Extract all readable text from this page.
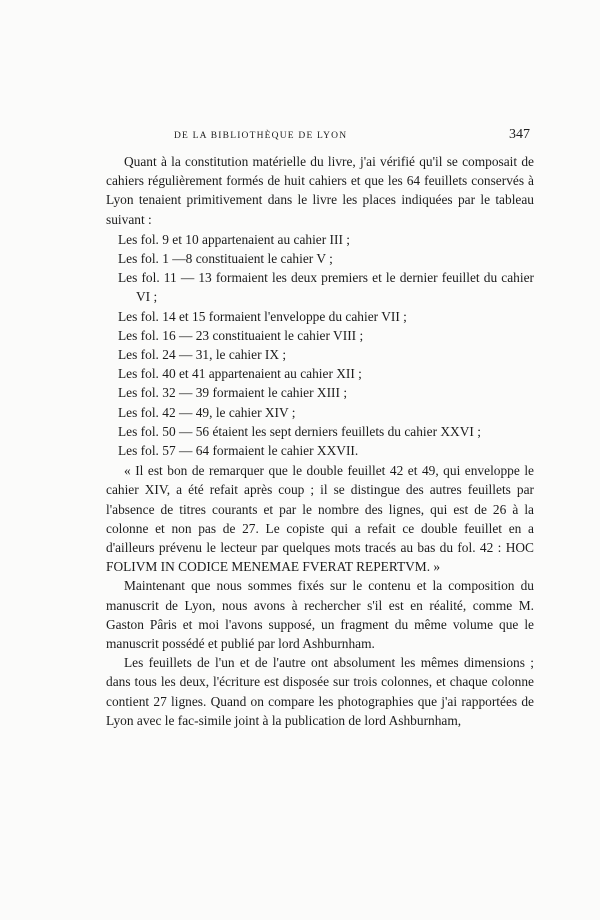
DE LA BIBLIOTHÈQUE DE LYON	347

Quant à la constitution matérielle du livre, j'ai vérifié qu'il se composait de cahiers régulièrement formés de huit cahiers et que les 64 feuillets conservés à Lyon tenaient primitivement dans le livre les places indiquées par le tableau suivant :

Les fol. 9 et 10 appartenaient au cahier III ;

Les fol. 1 —8 constituaient le cahier V ;

Les fol. 11 — 13 formaient les deux premiers et le dernier feuillet du cahier VI ;

Les fol. 14 et 15 formaient l'enveloppe du cahier VII ;

Les fol. 16 — 23 constituaient le cahier VIII ;

Les fol. 24 — 31, le cahier IX ;

Les fol. 40 et 41 appartenaient au cahier XII ;

Les fol. 32 — 39 formaient le cahier XIII ;

Les fol. 42 — 49, le cahier XIV ;

Les fol. 50 — 56 étaient les sept derniers feuillets du cahier XXVI ;

Les fol. 57 — 64 formaient le cahier XXVII.

« Il est bon de remarquer que le double feuillet 42 et 49, qui enveloppe le cahier XIV, a été refait après coup ; il se distingue des autres feuillets par l'absence de titres courants et par le nombre des lignes, qui est de 26 à la colonne et non pas de 27. Le copiste qui a refait ce double feuillet en a d'ailleurs prévenu le lecteur par quelques mots tracés au bas du fol. 42 : HOC FOLIVM IN CODICE MENEMAE FVERAT REPERTVM. »

Maintenant que nous sommes fixés sur le contenu et la composition du manuscrit de Lyon, nous avons à rechercher s'il est en réalité, comme M. Gaston Pâris et moi l'avons supposé, un fragment du même volume que le manuscrit possédé et publié par lord Ashburnham.

Les feuillets de l'un et de l'autre ont absolument les mêmes dimensions ; dans tous les deux, l'écriture est disposée sur trois colonnes, et chaque colonne contient 27 lignes. Quand on compare les photographies que j'ai rapportées de Lyon avec le fac-simile joint à la publication de lord Ashburnham,
